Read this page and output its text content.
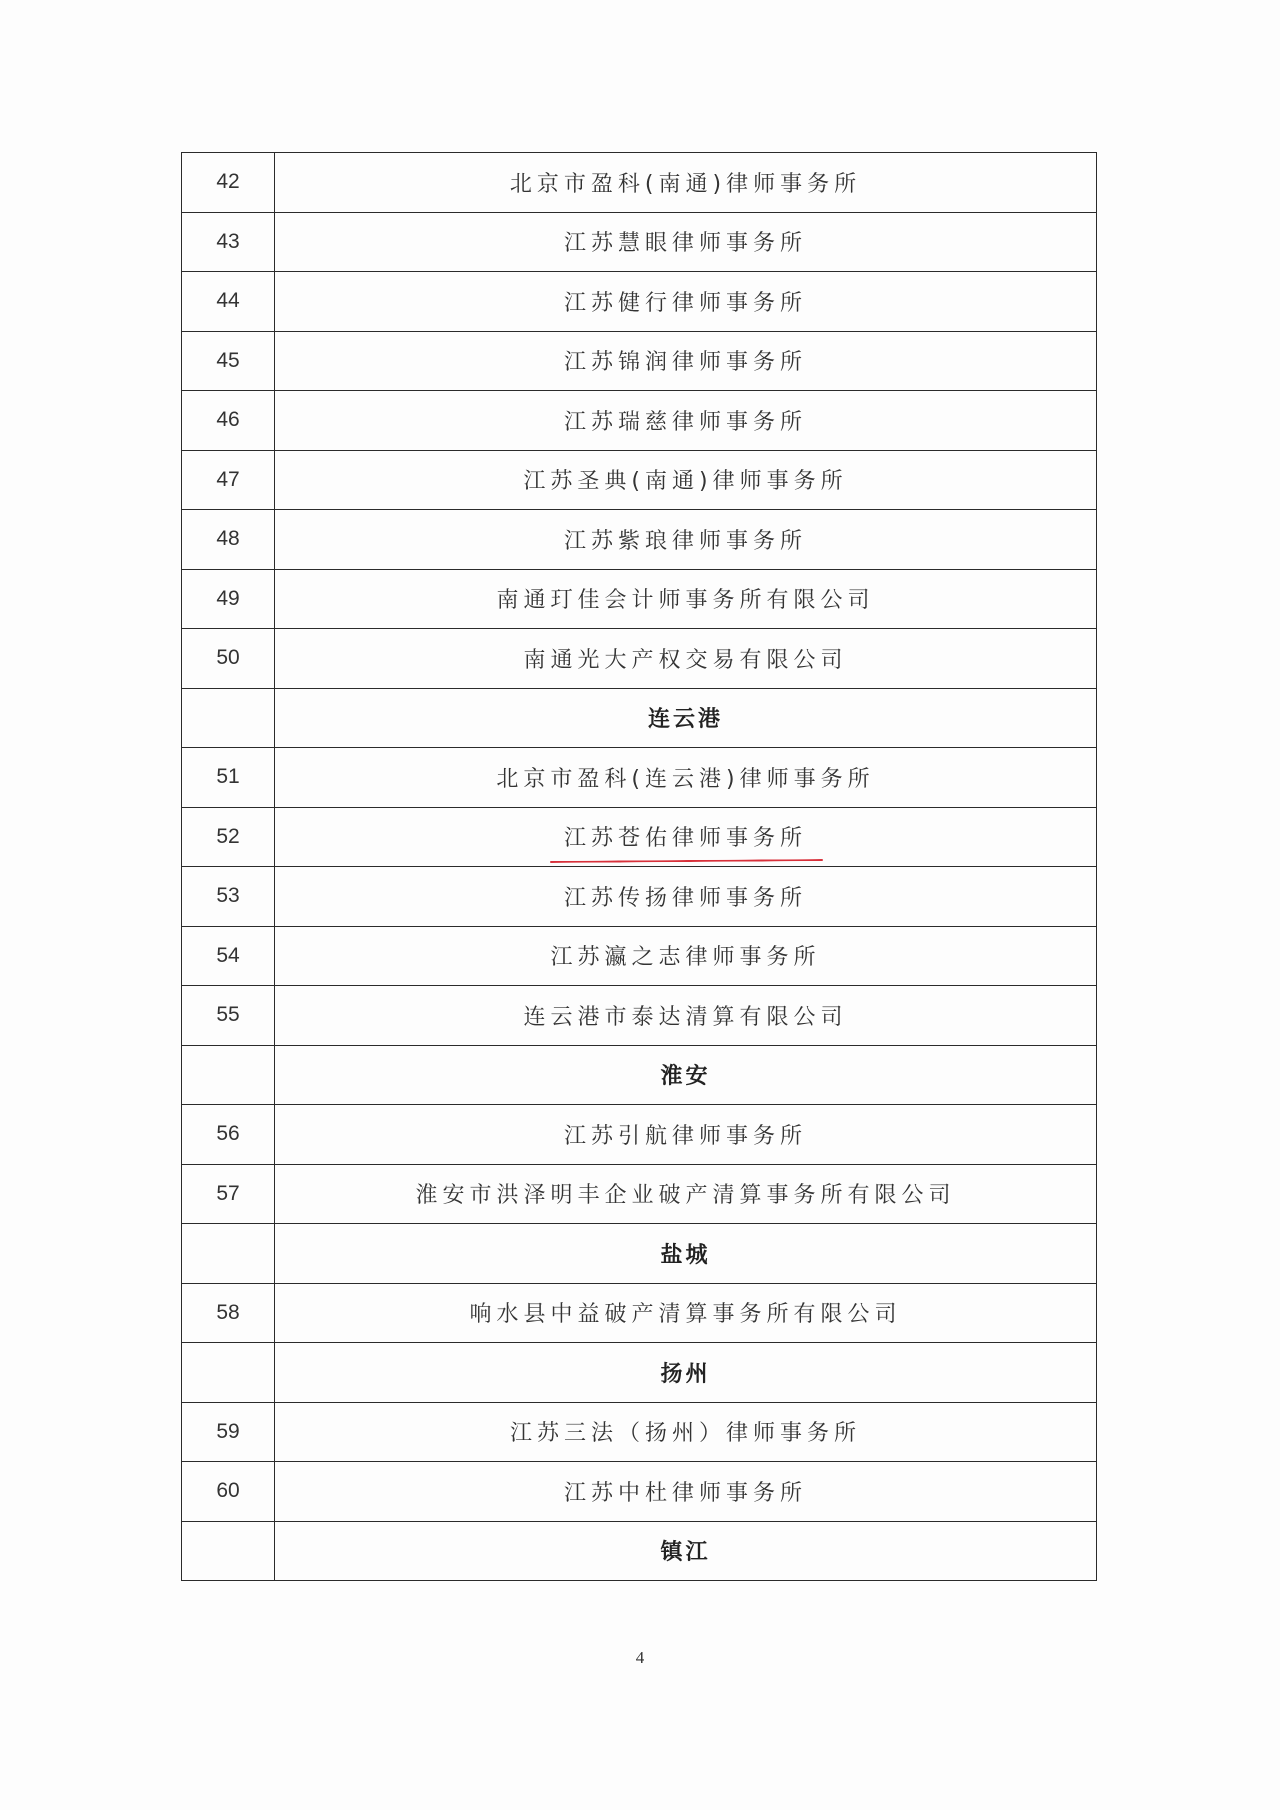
42	北京市盈科(南通)律师事务所
43	江苏慧眼律师事务所
44	江苏健行律师事务所
45	江苏锦润律师事务所
46	江苏瑞慈律师事务所
47	江苏圣典(南通)律师事务所
48	江苏紫琅律师事务所
49	南通玎佳会计师事务所有限公司
50	南通光大产权交易有限公司
	连云港
51	北京市盈科(连云港)律师事务所
52	江苏苍佑律师事务所

53	江苏传扬律师事务所
54	江苏瀛之志律师事务所
55	连云港市泰达清算有限公司
	淮安
56	江苏引航律师事务所
57	淮安市洪泽明丰企业破产清算事务所有限公司
	盐城
58	响水县中益破产清算事务所有限公司
	扬州
59	江苏三法（扬州）律师事务所
60	江苏中杜律师事务所
	镇江
4
